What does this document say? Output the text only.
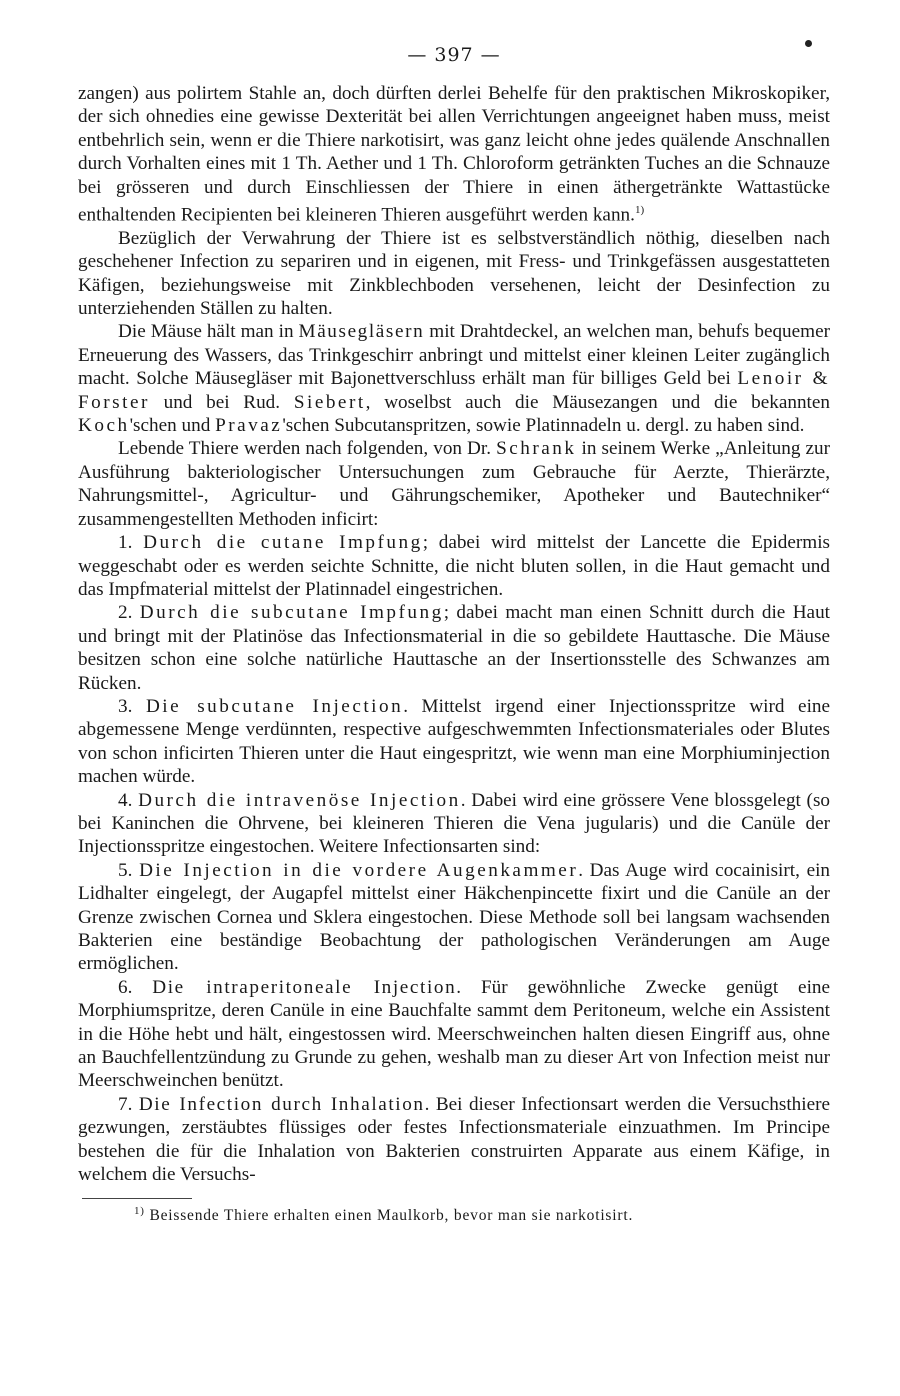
— 397 —

zangen) aus polirtem Stahle an, doch dürften derlei Behelfe für den praktischen Mikroskopiker, der sich ohnedies eine gewisse Dexterität bei allen Verrichtungen angeeignet haben muss, meist entbehrlich sein, wenn er die Thiere narkotisirt, was ganz leicht ohne jedes quälende Anschnallen durch Vorhalten eines mit 1 Th. Aether und 1 Th. Chloroform getränkten Tuches an die Schnauze bei grösseren und durch Einschliessen der Thiere in einen äthergetränkte Wattastücke enthaltenden Recipienten bei kleineren Thieren ausgeführt werden kann.$^{1)}$

Bezüglich der Verwahrung der Thiere ist es selbstverständlich nöthig, dieselben nach geschehener Infection zu separiren und in eigenen, mit Fress- und Trinkgefässen ausgestatteten Käfigen, beziehungsweise mit Zinkblechboden versehenen, leicht der Desinfection zu unterziehenden Ställen zu halten.

Die Mäuse hält man in Mäusegläsern mit Drahtdeckel, an welchen man, behufs bequemer Erneuerung des Wassers, das Trinkgeschirr anbringt und mittelst einer kleinen Leiter zugänglich macht. Solche Mäusegläser mit Bajonettverschluss erhält man für billiges Geld bei Lenoir & Forster und bei Rud. Siebert, woselbst auch die Mäusezangen und die bekannten Koch'schen und Pravaz'schen Subcutanspritzen, sowie Platinnadeln u. dergl. zu haben sind.

Lebende Thiere werden nach folgenden, von Dr. Schrank in seinem Werke „Anleitung zur Ausführung bakteriologischer Untersuchungen zum Gebrauche für Aerzte, Thierärzte, Nahrungsmittel-, Agricultur- und Gährungschemiker, Apotheker und Bautechniker“ zusammengestellten Methoden inficirt:

1. Durch die cutane Impfung; dabei wird mittelst der Lancette die Epidermis weggeschabt oder es werden seichte Schnitte, die nicht bluten sollen, in die Haut gemacht und das Impfmaterial mittelst der Platinnadel eingestrichen.

2. Durch die subcutane Impfung; dabei macht man einen Schnitt durch die Haut und bringt mit der Platinöse das Infectionsmaterial in die so gebildete Hauttasche. Die Mäuse besitzen schon eine solche natürliche Hauttasche an der Insertionsstelle des Schwanzes am Rücken.

3. Die subcutane Injection. Mittelst irgend einer Injectionsspritze wird eine abgemessene Menge verdünnten, respective aufgeschwemmten Infectionsmateriales oder Blutes von schon inficirten Thieren unter die Haut eingespritzt, wie wenn man eine Morphiuminjection machen würde.

4. Durch die intravenöse Injection. Dabei wird eine grössere Vene blossgelegt (so bei Kaninchen die Ohrvene, bei kleineren Thieren die Vena jugularis) und die Canüle der Injectionsspritze eingestochen. Weitere Infectionsarten sind:

5. Die Injection in die vordere Augenkammer. Das Auge wird cocainisirt, ein Lidhalter eingelegt, der Augapfel mittelst einer Häkchenpincette fixirt und die Canüle an der Grenze zwischen Cornea und Sklera eingestochen. Diese Methode soll bei langsam wachsenden Bakterien eine beständige Beobachtung der pathologischen Veränderungen am Auge ermöglichen.

6. Die intraperitoneale Injection. Für gewöhnliche Zwecke genügt eine Morphiumspritze, deren Canüle in eine Bauchfalte sammt dem Peritoneum, welche ein Assistent in die Höhe hebt und hält, eingestossen wird. Meerschweinchen halten diesen Eingriff aus, ohne an Bauchfellentzündung zu Grunde zu gehen, weshalb man zu dieser Art von Infection meist nur Meerschweinchen benützt.

7. Die Infection durch Inhalation. Bei dieser Infectionsart werden die Versuchsthiere gezwungen, zerstäubtes flüssiges oder festes Infectionsmateriale einzuathmen. Im Principe bestehen die für die Inhalation von Bakterien construirten Apparate aus einem Käfige, in welchem die Versuchs-

$^{1)}$ Beissende Thiere erhalten einen Maulkorb, bevor man sie narkotisirt.
